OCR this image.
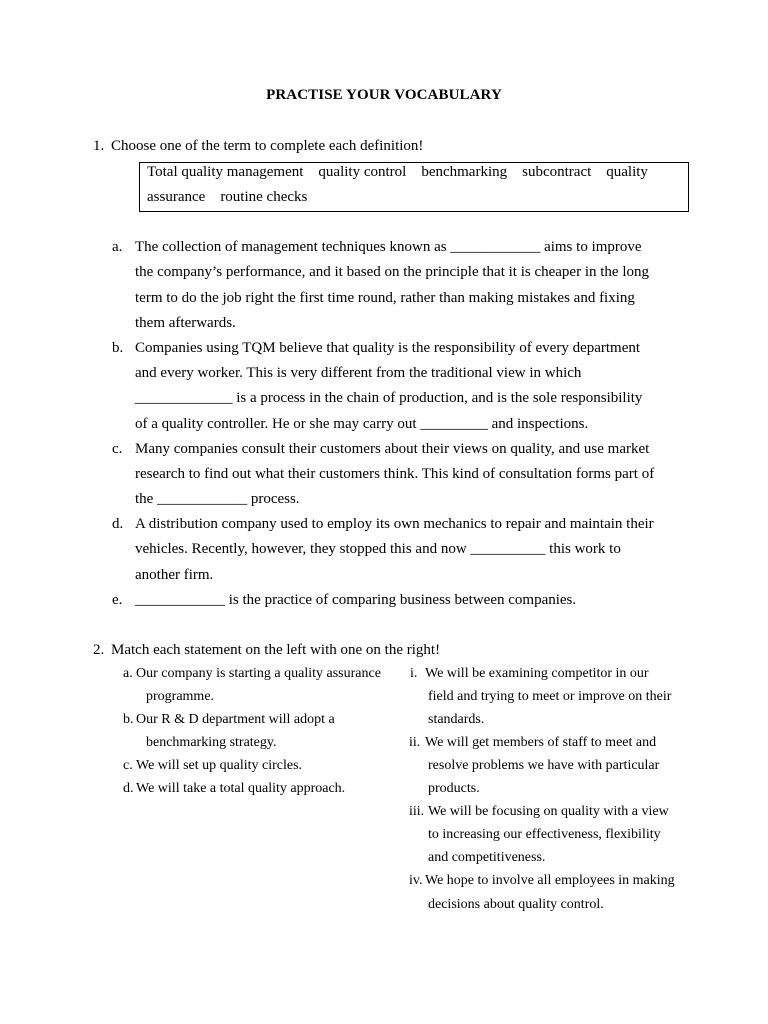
PRACTISE YOUR VOCABULARY
1. Choose one of the term to complete each definition!
Total quality management quality control benchmarking subcontract quality
assurance routine checks
a. The collection of management techniques known as ____________ aims to improve
the company’s performance, and it based on the principle that it is cheaper in the long
term to do the job right the first time round, rather than making mistakes and fixing
them afterwards.
b. Companies using TQM believe that quality is the responsibility of every department
and every worker. This is very different from the traditional view in which
_____________ is a process in the chain of production, and is the sole responsibility
of a quality controller. He or she may carry out _________ and inspections.
c. Many companies consult their customers about their views on quality, and use market
research to find out what their customers think. This kind of consultation forms part of
the ____________ process.
d. A distribution company used to employ its own mechanics to repair and maintain their
vehicles. Recently, however, they stopped this and now __________ this work to
another firm.
e. ____________ is the practice of comparing business between companies.
2. Match each statement on the left with one on the right!
a. Our company is starting a quality assurance
programme.
b. Our R & D department will adopt a
benchmarking strategy.
c. We will set up quality circles.
d. We will take a total quality approach.
i. We will be examining competitor in our
field and trying to meet or improve on their
standards.
ii. We will get members of staff to meet and
resolve problems we have with particular
products.
iii. We will be focusing on quality with a view
to increasing our effectiveness, flexibility
and competitiveness.
iv. We hope to involve all employees in making
decisions about quality control.
